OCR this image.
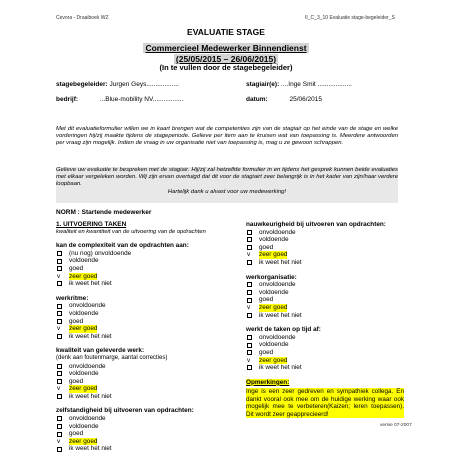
Cevora - Draaiboek WZ	II_C_3_10 Evaluatie stage-begeleider_S
EVALUATIE STAGE
Commercieel Medewerker Binnendienst
(25/05/2015 – 26/06/2015)
(In te vullen door de stagebegeleider)
stagebegeleider: Jurgen Geys..................	stagiair(e): ....Inge Smit ...................
bedrijf:	...Blue-mobility NV.................	datum:	25/06/2015
Met dit evaluatieformulier willen we in kaart brengen wat de competenties zijn van de stagiair op het einde van de stage en welke vorderingen hij/zij maakte tijdens de stageperiode. Gelieve per item aan te kruisen wat van toepassing is. Meerdere antwoorden per vraag zijn mogelijk. Indien de vraag in uw organisatie niet van toepassing is, mag u ze gewoon schrappen.
Gelieve uw evaluatie te bespreken met de stagiair. Hij/zij zal hetzelfde formulier in en tijdens het gesprek kunnen beide evaluaties met elkaar vergeleken worden. Wij zijn ervan overtuigd dat dit voor de stagiairt zeer belangrijk is in het kader van zijn/haar verdere loopbaan.
Hartelijk dank u alvast voor uw medewerking!
NORM : Startende medewerker
1. UITVOERING TAKEN
kwaliteit en kwantiteit van de uitvoering van de opdrachten
kan de complexiteit van de opdrachten aan:
(nu nog) onvoldoende
voldoende
goed
v	zeer goed
ik weet het niet
werkritme:
onvoldoende
voldoende
goed
v	zeer goed
ik weet het niet
kwaliteit van geleverde werk:
(denk aan foutenmarge, aantal correcties)
onvoldoende
voldoende
goed
v	zeer goed
ik weet het niet
zelfstandigheid bij uitvoeren van opdrachten:
onvoldoende
voldoende
goed
v	zeer goed
ik weet het niet
nauwkeurigheid bij uitvoeren van opdrachten:
onvoldoende
voldoende
goed
v	zeer goed
ik weet het niet
werkorganisatie:
onvoldoende
voldoende
goed
v	zeer goed
ik weet het niet
werkt de taken op tijd af:
onvoldoende
voldoende
goed
v	zeer goed
ik weet het niet
Opmerkingen:
Inge is een zeer gedreven en sympathiek collega. En dankt vooral ook mee om de huidige werking waar ook mogelijk mee te verbeteren(Kaizen; leren toepassen). Dit wordt zeer geapprecieerd!
versie 07-2007
